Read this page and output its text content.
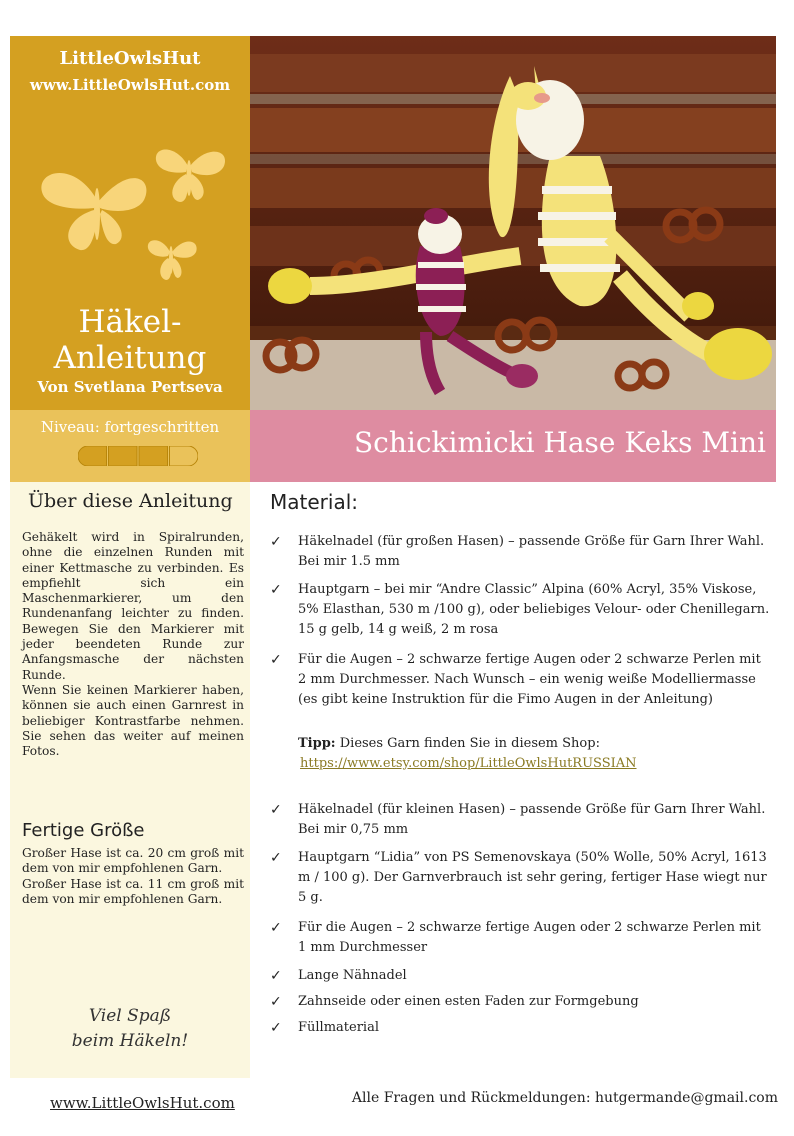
LittleOwlsHut
www.LittleOwlsHut.com
Häkel-
Anleitung
Von Svetlana Pertseva
Niveau: fortgeschritten
Über diese Anleitung

Gehäkelt wird in Spiralrunden, ohne die einzelnen Runden mit einer Kettmasche zu verbinden. Es empfiehlt sich ein Maschenmarkierer, um den Rundenanfang leichter zu finden. Bewegen Sie den Markierer mit jeder beendeten Runde zur Anfangsmasche der nächsten Runde.

Wenn Sie keinen Markierer haben, können sie auch einen Garnrest in beliebiger Kontrastfarbe nehmen. Sie sehen das weiter auf meinen Fotos.

Fertige Größe

Großer Hase ist ca. 20 cm groß mit dem von mir empfohlenen Garn.

Großer Hase ist ca. 11 cm groß mit dem von mir empfohlenen Garn.

Viel Spaß
beim Häkeln!
Schickimicki Hase Keks Mini
Material:
✓ Häkelnadel (für großen Hasen) – passende Größe für Garn Ihrer Wahl. Bei mir 1.5 mm
✓ Hauptgarn – bei mir “Andre Classic” Alpina (60% Acryl, 35% Viskose, 5% Elasthan, 530 m /100 g), oder beliebiges Velour- oder Chenillegarn. 15 g gelb, 14 g weiß, 2 m rosa
✓ Für die Augen – 2 schwarze fertige Augen oder 2 schwarze Perlen mit 2 mm Durchmesser. Nach Wunsch – ein wenig weiße Modelliermasse (es gibt keine Instruktion für die Fimo Augen in der Anleitung)
Tipp: Dieses Garn finden Sie in diesem Shop:
https://www.etsy.com/shop/LittleOwlsHutRUSSIAN
✓ Häkelnadel (für kleinen Hasen) – passende Größe für Garn Ihrer Wahl. Bei mir 0,75 mm
✓ Hauptgarn “Lidia” von PS Semenovskaya (50% Wolle, 50% Acryl, 1613 m / 100 g). Der Garnverbrauch ist sehr gering, fertiger Hase wiegt nur 5 g.
✓ Für die Augen – 2 schwarze fertige Augen oder 2 schwarze Perlen mit 1 mm Durchmesser
✓ Lange Nähnadel
✓ Zahnseide oder einen esten Faden zur Formgebung
✓ Füllmaterial
www.LittleOwlsHut.com	Alle Fragen und Rückmeldungen: hutgermande@gmail.com
